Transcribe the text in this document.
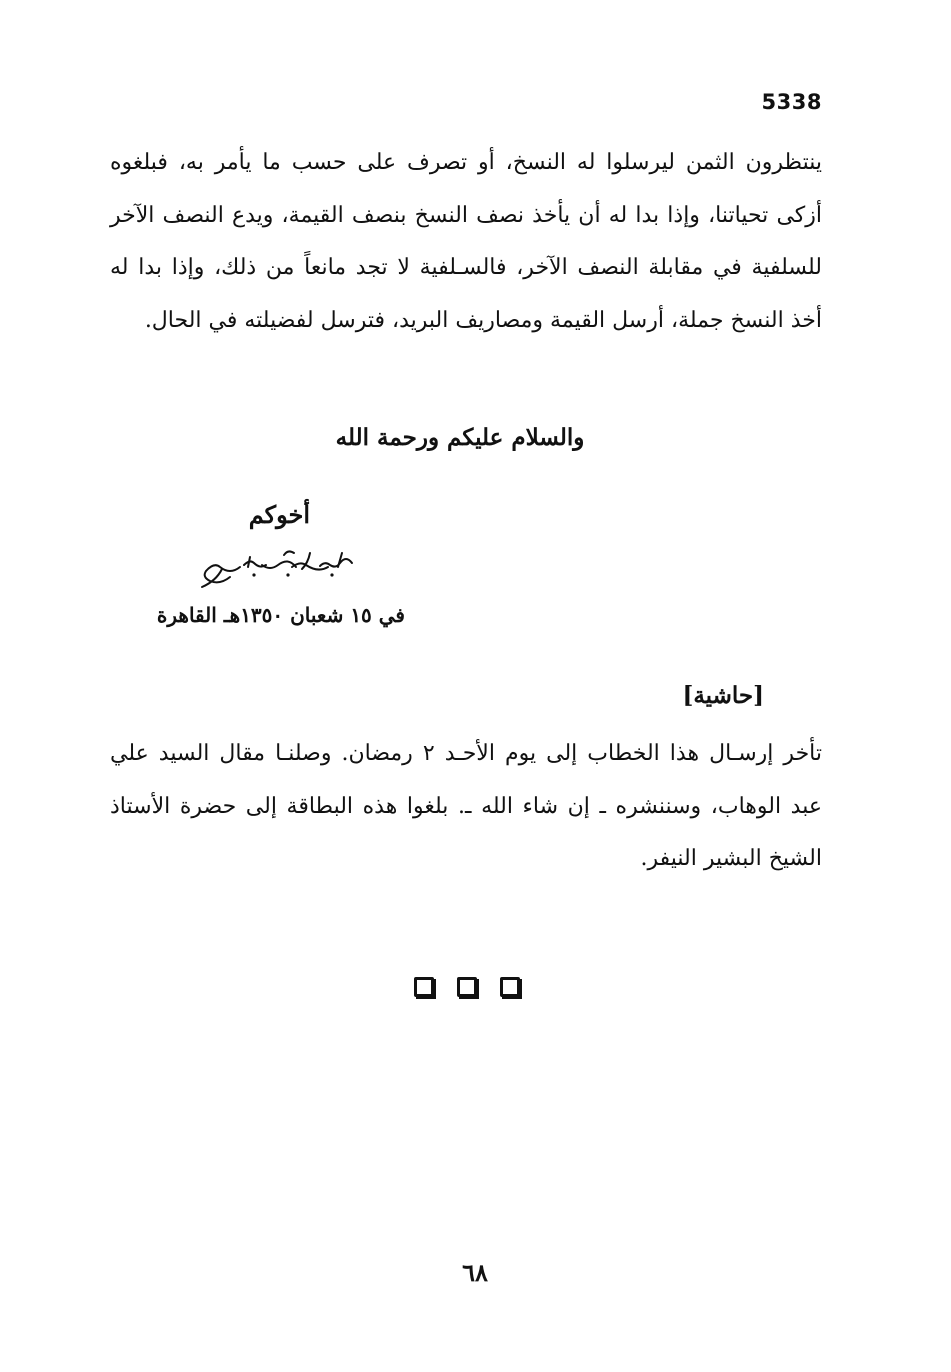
5338

ينتظرون الثمن ليرسلوا له النسخ، أو تصرف على حسب ما يأمر به، فبلغوه أزكى تحياتنا، وإذا بدا له أن يأخذ نصف النسخ بنصف القيمة، ويدع النصف الآخر للسلفية في مقابلة النصف الآخر، فالسـلفية لا تجد مانعاً من ذلك، وإذا بدا له أخذ النسخ جملة، أرسل القيمة ومصاريف البريد، فترسل لفضيلته في الحال.

والسلام عليكم ورحمة الله
أخوكم
في ١٥ شعبان ١٣٥٠هـ القاهرة
[حاشية]

تأخر إرسـال هذا الخطاب إلى يوم الأحـد ٢ رمضان. وصلنـا مقال السيد علي عبد الوهاب، وسننشره ـ إن شاء الله ـ. بلغوا هذه البطاقة إلى حضرة الأستاذ الشيخ البشير النيفر.

٦٨
